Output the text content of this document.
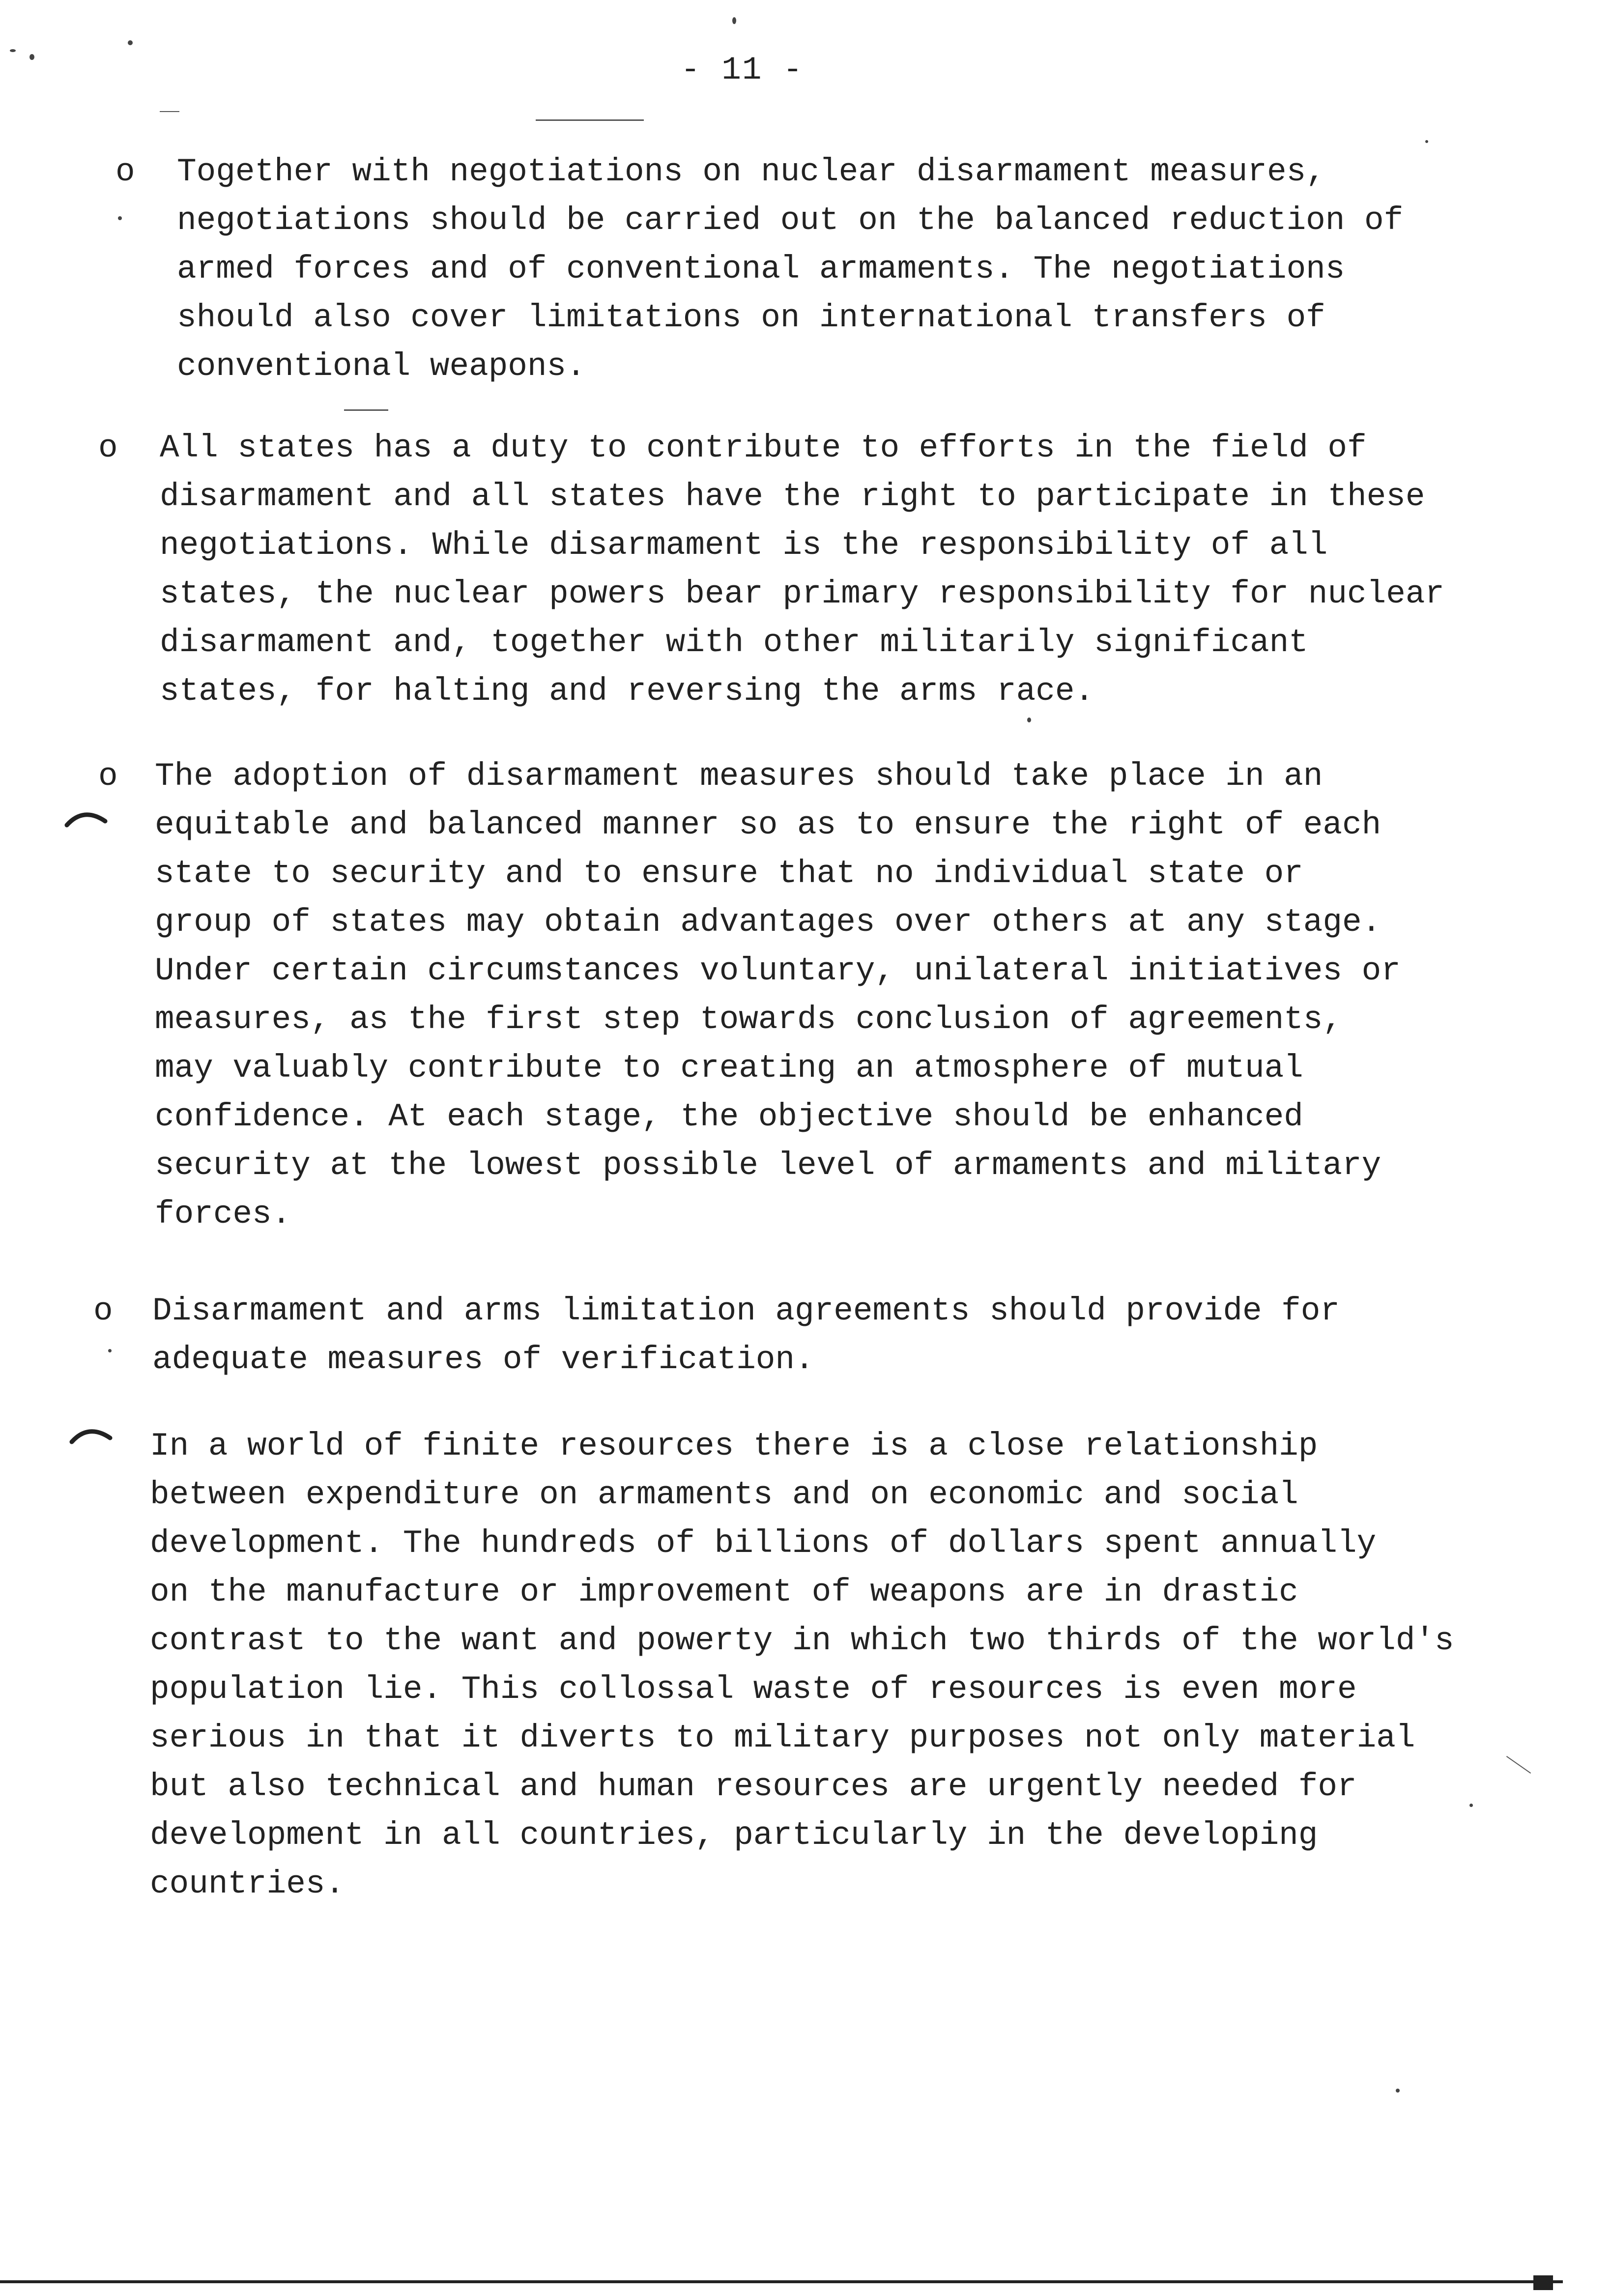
- 11 -
o Together with negotiations on nuclear disarmament measures,
negotiations should be carried out on the balanced reduction of
armed forces and of conventional armaments. The negotiations
should also cover limitations on international transfers of
conventional weapons.
o All states has a duty to contribute to efforts in the field of
disarmament and all states have the right to participate in these
negotiations. While disarmament is the responsibility of all
states, the nuclear powers bear primary responsibility for nuclear
disarmament and, together with other militarily significant
states, for halting and reversing the arms race.
o The adoption of disarmament measures should take place in an
equitable and balanced manner so as to ensure the right of each
state to security and to ensure that no individual state or
group of states may obtain advantages over others at any stage.
Under certain circumstances voluntary, unilateral initiatives or
measures, as the first step towards conclusion of agreements,
may valuably contribute to creating an atmosphere of mutual
confidence. At each stage, the objective should be enhanced
security at the lowest possible level of armaments and military
forces.
o Disarmament and arms limitation agreements should provide for
adequate measures of verification.
In a world of finite resources there is a close relationship
between expenditure on armaments and on economic and social
development. The hundreds of billions of dollars spent annually
on the manufacture or improvement of weapons are in drastic
contrast to the want and powerty in which two thirds of the world's
population lie. This collossal waste of resources is even more
serious in that it diverts to military purposes not only material
but also technical and human resources are urgently needed for
development in all countries, particularly in the developing
countries.
